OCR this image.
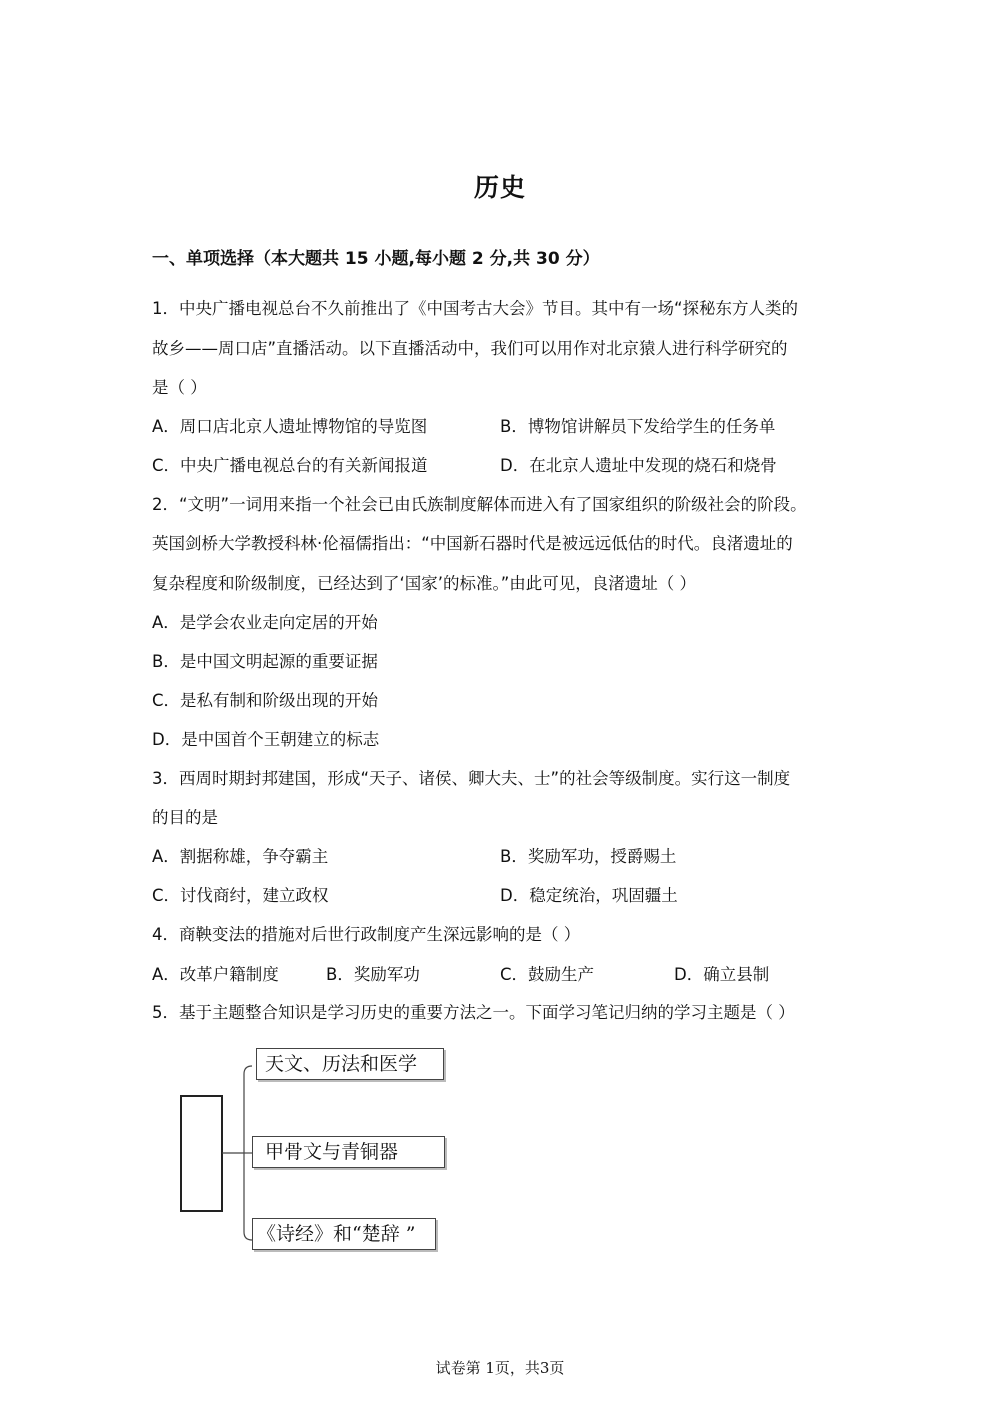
历史
一、单项选择（本大题共 15 小题,每小题 2 分,共 30 分）
1．中央广播电视总台不久前推出了《中国考古大会》节目。其中有一场“探秘东方人类的
故乡——周口店”直播活动。以下直播活动中，我们可以用作对北京猿人进行科学研究的
是（ ）
A．周口店北京人遗址博物馆的导览图	B．博物馆讲解员下发给学生的任务单
C．中央广播电视总台的有关新闻报道	D．在北京人遗址中发现的烧石和烧骨
2．“文明”一词用来指一个社会已由氏族制度解体而进入有了国家组织的阶级社会的阶段。
英国剑桥大学教授科林·伦福儒指出：“中国新石器时代是被远远低估的时代。良渚遗址的
复杂程度和阶级制度，已经达到了‘国家’的标准。”由此可见，良渚遗址（ ）
A．是学会农业走向定居的开始
B．是中国文明起源的重要证据
C．是私有制和阶级出现的开始
D．是中国首个王朝建立的标志
3．西周时期封邦建国，形成“天子、诸侯、卿大夫、士”的社会等级制度。实行这一制度
的目的是
A．割据称雄，争夺霸主	B．奖励军功，授爵赐土
C．讨伐商纣，建立政权	D．稳定统治，巩固疆土
4．商鞅变法的措施对后世行政制度产生深远影响的是（ ）
A．改革户籍制度	B．奖励军功	C．鼓励生产	D．确立县制
5．基于主题整合知识是学习历史的重要方法之一。下面学习笔记归纳的学习主题是（ ）
天文、历法和医学
甲骨文与青铜器
《诗经》和“楚辞 ”
试卷第 1页，共3页
